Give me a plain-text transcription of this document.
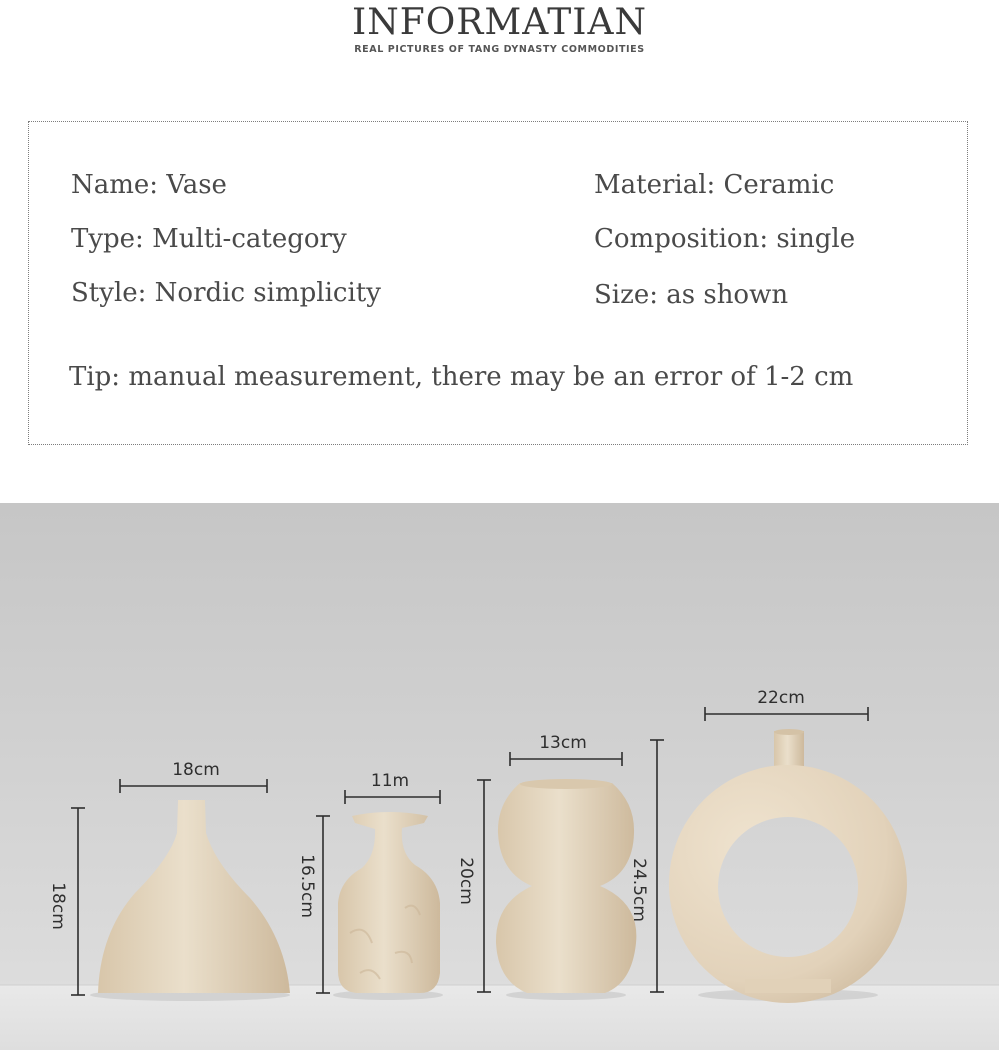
INFORMATIAN
REAL PICTURES OF TANG DYNASTY COMMODITIES
Name: Vase
Type: Multi-category
Style: Nordic simplicity
Material: Ceramic
Composition: single
Size: as shown
Tip: manual measurement, there may be an error of 1-2 cm
18cm
18cm
11m
16.5cm
13cm
20cm
22cm
24.5cm
